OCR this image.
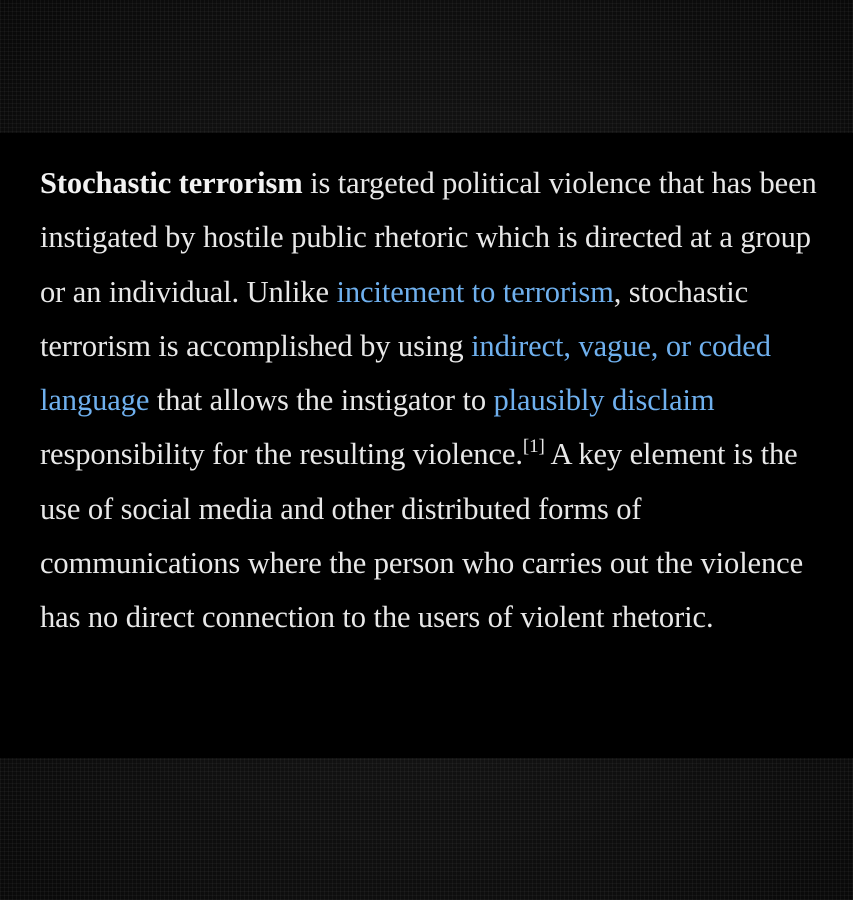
Stochastic terrorism is targeted political violence that has been instigated by hostile public rhetoric which is directed at a group or an individual. Unlike incitement to terrorism, stochastic terrorism is accomplished by using indirect, vague, or coded language that allows the instigator to plausibly disclaim responsibility for the resulting violence.[1] A key element is the use of social media and other distributed forms of communications where the person who carries out the violence has no direct connection to the users of violent rhetoric.
